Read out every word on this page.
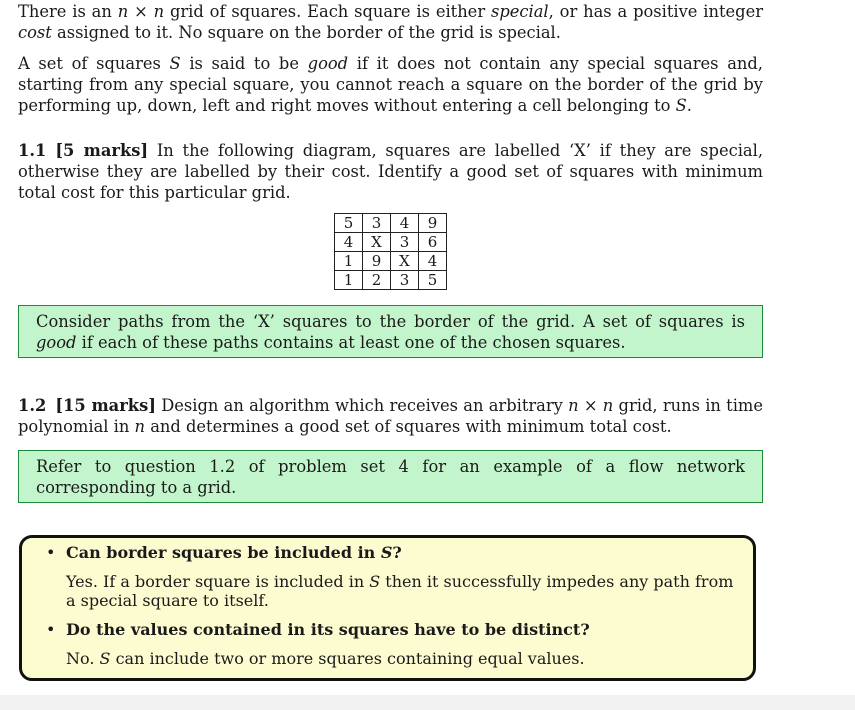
There is an n × n grid of squares. Each square is either special, or has a positive integer cost assigned to it. No square on the border of the grid is special.

A set of squares S is said to be good if it does not contain any special squares and, starting from any special square, you cannot reach a square on the border of the grid by performing up, down, left and right moves without entering a cell belonging to S.

1.1 [5 marks] In the following diagram, squares are labelled ‘X’ if they are special, otherwise they are labelled by their cost. Identify a good set of squares with minimum total cost for this particular grid.

5	3	4	9
4	X	3	6
1	9	X	4
1	2	3	5
Consider paths from the ‘X’ squares to the border of the grid. A set of squares is good if each of these paths contains at least one of the chosen squares.

1.2 [15 marks] Design an algorithm which receives an arbitrary n × n grid, runs in time polynomial in n and determines a good set of squares with minimum total cost.

Refer to question 1.2 of problem set 4 for an example of a flow network corresponding to a grid.
• Can border squares be included in S?
Yes. If a border square is included in S then it successfully impedes any path from a special square to itself.
• Do the values contained in its squares have to be distinct?
No. S can include two or more squares containing equal values.
